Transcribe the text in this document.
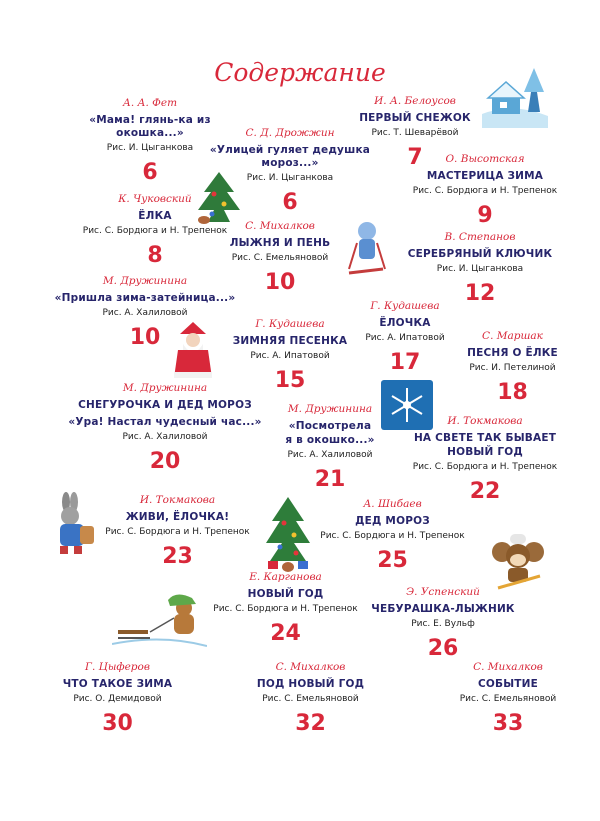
Содержание
А. А. Фет
«Мама! глянь-ка из окошка...»
Рис. И. Цыганкова
6
С. Д. Дрожжин
«Улицей гуляет дедушка мороз...»
Рис. И. Цыганкова
6
И. А. Белоусов
ПЕРВЫЙ СНЕЖОК
Рис. Т. Шеварёвой
7	О. Высотская
МАСТЕРИЦА ЗИМА
Рис. С. Бордюга и Н. Трепенок
9
К. Чуковский
ЁЛКА
Рис. С. Бордюга и Н. Трепенок
8
С. Михалков
ЛЫЖНЯ И ПЕНЬ
Рис. С. Емельяновой
10
В. Степанов
СЕРЕБРЯНЫЙ КЛЮЧИК
Рис. И. Цыганкова
12
М. Дружинина
«Пришла зима-затейница...»
Рис. А. Халиловой
10
Г. Кудашева
ЗИМНЯЯ ПЕСЕНКА
Рис. А. Ипатовой
15
Г. Кудашева
ЁЛОЧКА
Рис. А. Ипатовой
17
С. Маршак
ПЕСНЯ О ЁЛКЕ
Рис. И. Петелиной
18
М. Дружинина
СНЕГУРОЧКА И ДЕД МОРОЗ
«Ура! Настал чудесный час...»
Рис. А. Халиловой
20
М. Дружинина
«Посмотрела
я в окошко...»
Рис. А. Халиловой
21
И. Токмакова
НА СВЕТЕ ТАК БЫВАЕТ
НОВЫЙ ГОД
Рис. С. Бордюга и Н. Трепенок
22
И. Токмакова
ЖИВИ, ЁЛОЧКА!
Рис. С. Бордюга и Н. Трепенок
23
А. Шибаев
ДЕД МОРОЗ
Рис. С. Бордюга и Н. Трепенок
25
Е. Карганова
НОВЫЙ ГОД
Рис. С. Бордюга и Н. Трепенок
24
Э. Успенский
ЧЕБУРАШКА-ЛЫЖНИК
Рис. Е. Вульф
26
Г. Цыферов
ЧТО ТАКОЕ ЗИМА
Рис. О. Демидовой
30
С. Михалков
ПОД НОВЫЙ ГОД
Рис. С. Емельяновой
32
С. Михалков
СОБЫТИЕ
Рис. С. Емельяновой
33
